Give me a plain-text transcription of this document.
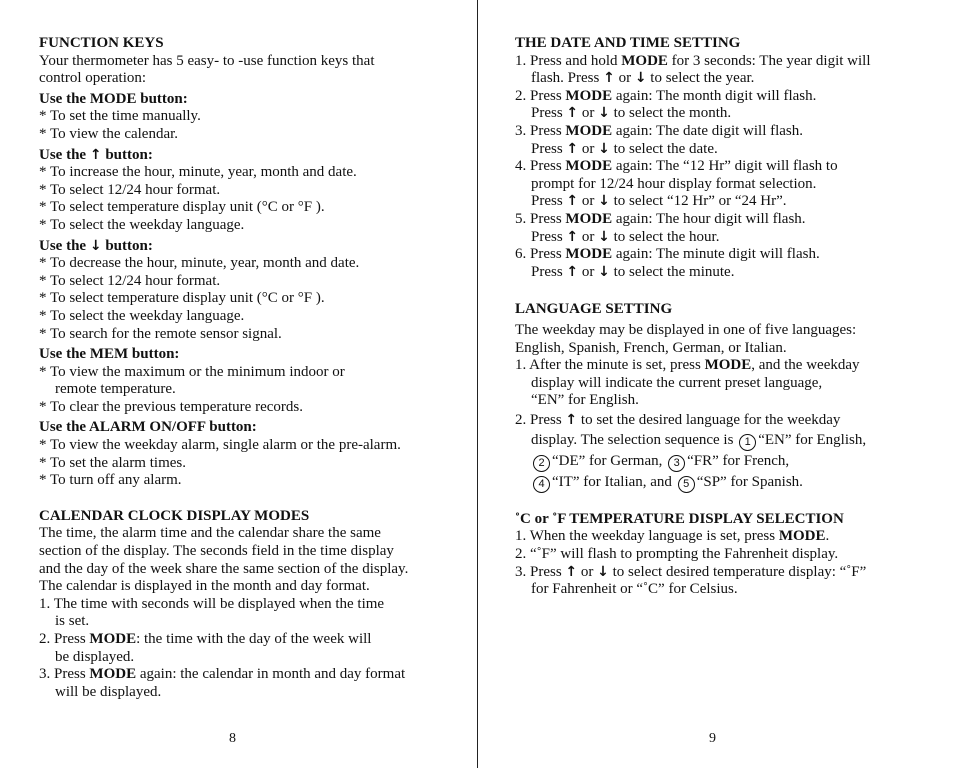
FUNCTION KEYS
Your thermometer has 5 easy- to -use function keys that
control operation:
Use the MODE button:
* To set the time manually.
* To view the calendar.
Use the ↑ button:
* To increase the hour, minute, year, month and date.
* To select 12/24 hour format.
* To select temperature display unit (°C or °F ).
* To select the weekday language.
Use the ↓ button:
* To decrease the hour, minute, year, month and date.
* To select 12/24 hour format.
* To select temperature display unit (°C or °F ).
* To select the weekday language.
* To search for the remote sensor signal.
Use the MEM button:
* To view the maximum or the minimum indoor or
remote temperature.
* To clear the previous temperature records.
Use the ALARM ON/OFF button:
* To view the weekday alarm, single alarm or the pre-alarm.
* To set the alarm times.
* To turn off any alarm.
CALENDAR CLOCK DISPLAY MODES
The time, the alarm time and the calendar share the same
section of the display. The seconds field in the time display
and the day of the week share the same section of the display.
The calendar is displayed in the month and day format.
1. The time with seconds will be displayed when the time
is set.
2. Press MODE: the time with the day of the week will
be displayed.
3. Press MODE again: the calendar in month and day format
will be displayed.
8
THE DATE AND TIME SETTING
1. Press and hold MODE for 3 seconds: The year digit will
flash. Press ↑ or ↓ to select the year.
2. Press MODE again: The month digit will flash.
Press ↑ or ↓ to select the month.
3. Press MODE again: The date digit will flash.
Press ↑ or ↓ to select the date.
4. Press MODE again: The “12 Hr” digit will flash to
prompt for 12/24 hour display format selection.
Press ↑ or ↓ to select “12 Hr” or “24 Hr”.
5. Press MODE again: The hour digit will flash.
Press ↑ or ↓ to select the hour.
6. Press MODE again: The minute digit will flash.
Press ↑ or ↓ to select the minute.
LANGUAGE SETTING
The weekday may be displayed in one of five languages:
English, Spanish, French, German, or Italian.
1. After the minute is set, press MODE, and the weekday
display will indicate the current preset language,
“EN” for English.
2. Press ↑ to set the desired language for the weekday
display. The selection sequence is 1 “EN” for English,
2 “DE” for German, 3 “FR” for French,
4 “IT” for Italian, and 5 “SP” for Spanish.
˚C or ˚F TEMPERATURE DISPLAY SELECTION
1. When the weekday language is set, press MODE.
2. “˚F” will flash to prompting the Fahrenheit display.
3. Press ↑ or ↓ to select desired temperature display: “˚F”
for Fahrenheit or “˚C” for Celsius.
9
